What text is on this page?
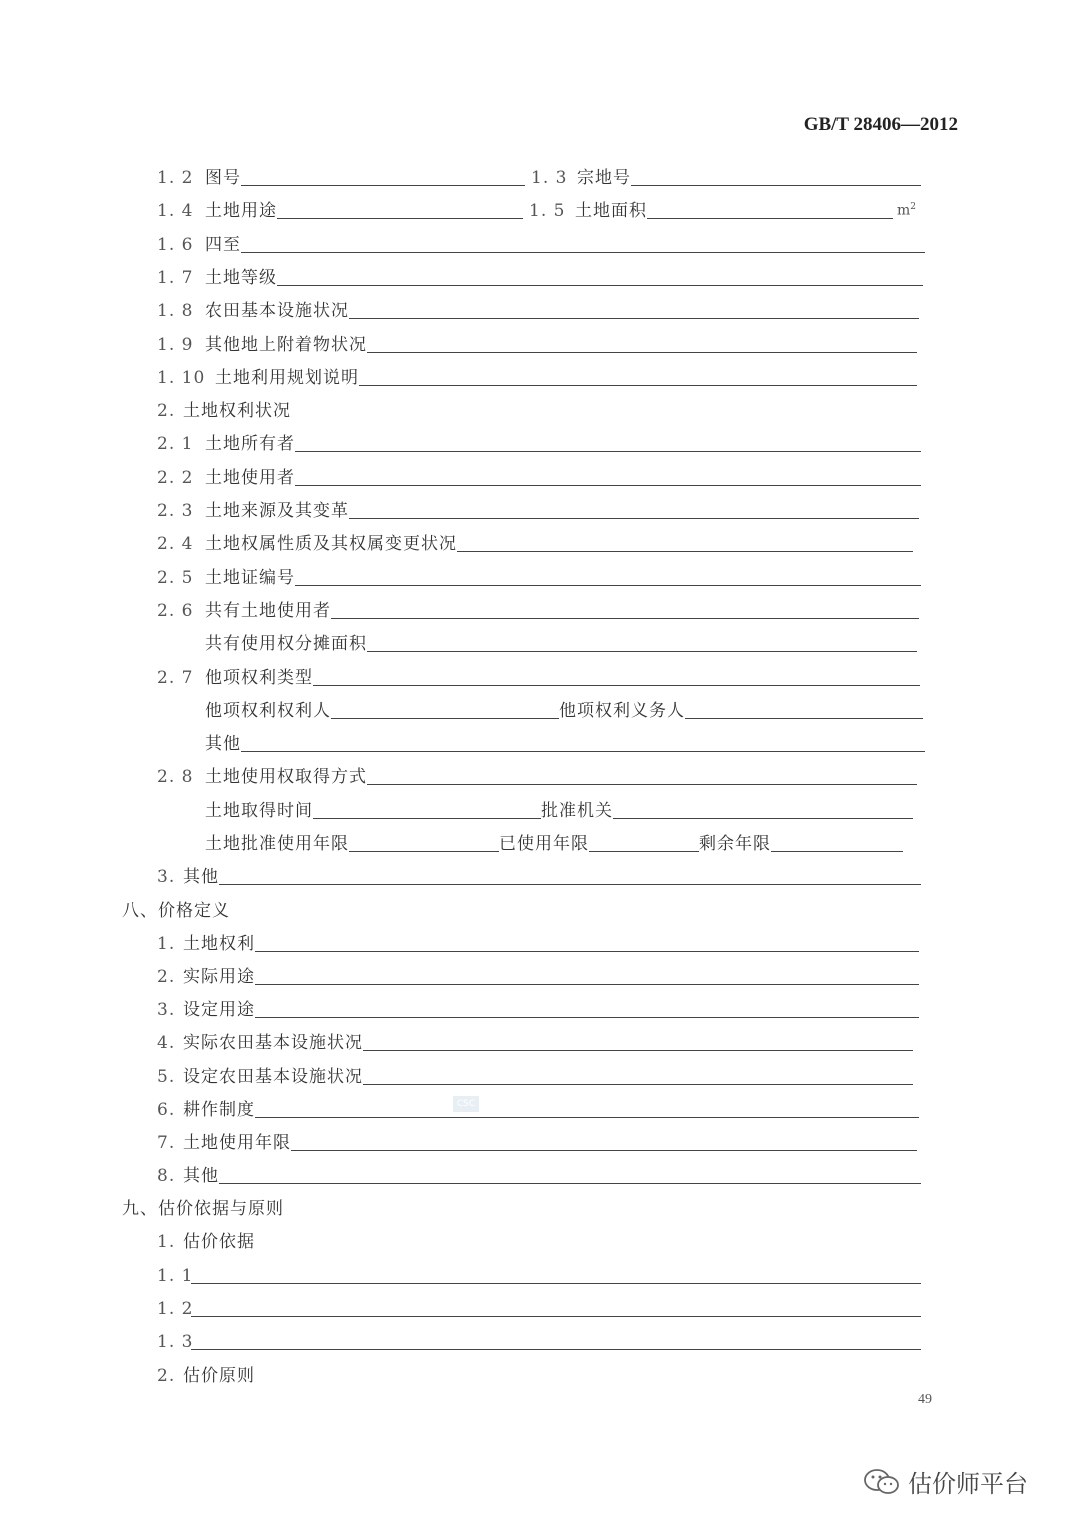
GB/T 28406—2012
1. 2 图号	1. 3 宗地号
1. 4 土地用途	1. 5 土地面积	$m^2$
1. 6 四至
1. 7 土地等级
1. 8 农田基本设施状况
1. 9 其他地上附着物状况
1. 10 土地利用规划说明
2. 土地权利状况
2. 1 土地所有者
2. 2 土地使用者
2. 3 土地来源及其变革
2. 4 土地权属性质及其权属变更状况
2. 5 土地证编号
2. 6 共有土地使用者
共有使用权分摊面积
2. 7 他项权利类型
他项权利权利人	他项权利义务人
其他
2. 8 土地使用权取得方式
土地取得时间	批准机关
土地批准使用年限	已使用年限	剩余年限
3. 其他
八、价格定义
1. 土地权利
2. 实际用途
3. 设定用途
4. 实际农田基本设施状况
5. 设定农田基本设施状况
6. 耕作制度
7. 土地使用年限
8. 其他
九、估价依据与原则
1. 估价依据
1. 1
1. 2
1. 3
2. 估价原则
CSC
49
估价师平台
